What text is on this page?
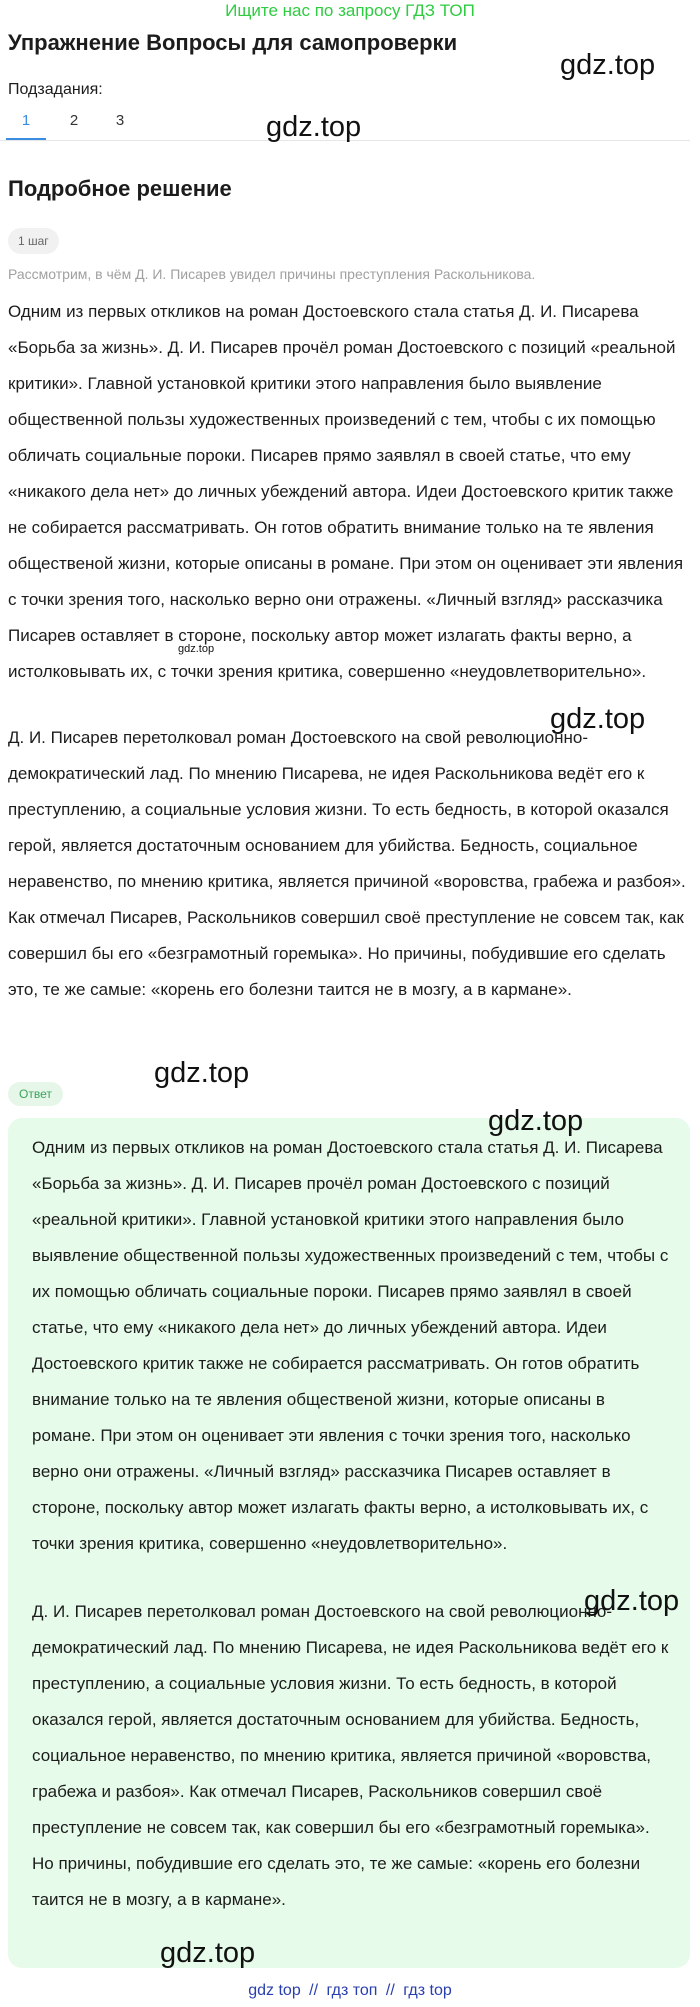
Ищите нас по запросу ГДЗ ТОП
Упражнение Вопросы для самопроверки
Подзадания:
1	2	3
Подробное решение
1 шаг
Рассмотрим, в чём Д. И. Писарев увидел причины преступления Раскольникова.

Одним из первых откликов на роман Достоевского стала статья Д. И. Писарева «Борьба за жизнь». Д. И. Писарев прочёл роман Достоевского с позиций «реальной критики». Главной установкой критики этого направления было выявление общественной пользы художественных произведений с тем, чтобы с их помощью обличать социальные пороки. Писарев прямо заявлял в своей статье, что ему «никакого дела нет» до личных убеждений автора. Идеи Достоевского критик также не собирается рассматривать. Он готов обратить внимание только на те явления общественой жизни, которые описаны в романе. При этом он оценивает эти явления с точки зрения того, насколько верно они отражены. «Личный взгляд» рассказчика Писарев оставляет в стороне, поскольку автор может излагать факты верно, а истолковывать их, с точки зрения критика, совершенно «неудовлетворительно».

Д. И. Писарев перетолковал роман Достоевского на свой революционно-демократический лад. По мнению Писарева, не идея Раскольникова ведёт его к преступлению, а социальные условия жизни. То есть бедность, в которой оказался герой, является достаточным основанием для убийства. Бедность, социальное неравенство, по мнению критика, является причиной «воровства, грабежа и разбоя». Как отмечал Писарев, Раскольников совершил своё преступление не совсем так, как совершил бы его «безграмотный горемыка». Но причины, побудившие его сделать это, те же самые: «корень его болезни таится не в мозгу, а в кармане».

Ответ

Одним из первых откликов на роман Достоевского стала статья Д. И. Писарева «Борьба за жизнь». Д. И. Писарев прочёл роман Достоевского с позиций «реальной критики». Главной установкой критики этого направления было выявление общественной пользы художественных произведений с тем, чтобы с их помощью обличать социальные пороки. Писарев прямо заявлял в своей статье, что ему «никакого дела нет» до личных убеждений автора. Идеи Достоевского критик также не собирается рассматривать. Он готов обратить внимание только на те явления общественой жизни, которые описаны в романе. При этом он оценивает эти явления с точки зрения того, насколько верно они отражены. «Личный взгляд» рассказчика Писарев оставляет в стороне, поскольку автор может излагать факты верно, а истолковывать их, с точки зрения критика, совершенно «неудовлетворительно».

Д. И. Писарев перетолковал роман Достоевского на свой революционно-демократический лад. По мнению Писарева, не идея Раскольникова ведёт его к преступлению, а социальные условия жизни. То есть бедность, в которой оказался герой, является достаточным основанием для убийства. Бедность, социальное неравенство, по мнению критика, является причиной «воровства, грабежа и разбоя». Как отмечал Писарев, Раскольников совершил своё преступление не совсем так, как совершил бы его «безграмотный горемыка». Но причины, побудившие его сделать это, те же самые: «корень его болезни таится не в мозгу, а в кармане».

gdz.top
gdz.top
gdz.top
gdz.top
gdz.top
gdz.top
gdz.top
gdz.top
gdz top // гдз топ // гдз top
